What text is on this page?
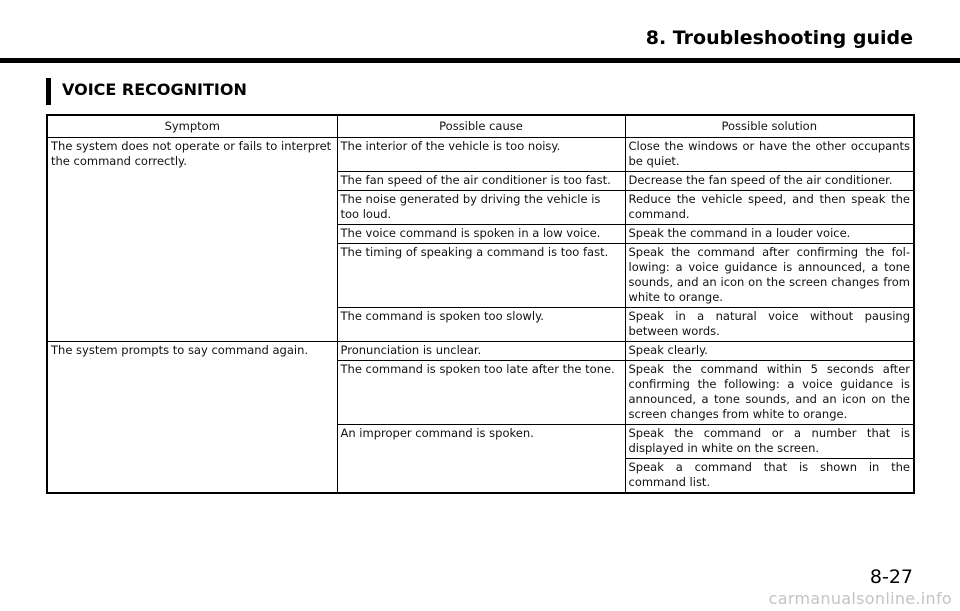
8. Troubleshooting guide
VOICE RECOGNITION
Symptom	Possible cause	Possible solution
The system does not operate or fails to interpret the command correctly.	The interior of the vehicle is too noisy.	Close the windows or have the other occupants be quiet.
	The fan speed of the air conditioner is too fast.	Decrease the fan speed of the air conditioner.
	The noise generated by driving the vehicle is too loud.	Reduce the vehicle speed, and then speak the command.
	The voice command is spoken in a low voice.	Speak the command in a louder voice.
	The timing of speaking a command is too fast.	Speak the command after confirming the fol-lowing: a voice guidance is announced, a tone sounds, and an icon on the screen changes from white to orange.
	The command is spoken too slowly.	Speak in a natural voice without pausing between words.
The system prompts to say command again.	Pronunciation is unclear.	Speak clearly.
	The command is spoken too late after the tone.	Speak the command within 5 seconds after confirming the following: a voice guidance is announced, a tone sounds, and an icon on the screen changes from white to orange.
	An improper command is spoken.	Speak the command or a number that is displayed in white on the screen.
		Speak a command that is shown in the command list.
8-27
carmanualsonline.info
